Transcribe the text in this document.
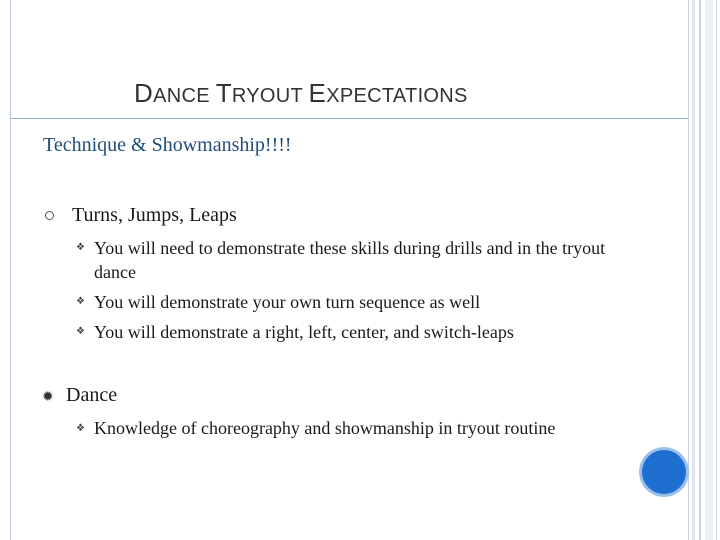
DANCE TRYOUT EXPECTATIONS
Technique & Showmanship!!!!
Turns, Jumps, Leaps
❖ You will need to demonstrate these skills during drills and in the tryout dance
❖ You will demonstrate your own turn sequence as well
❖ You will demonstrate a right, left, center, and switch-leaps
✹ Dance
❖ Knowledge of choreography and showmanship in tryout routine
